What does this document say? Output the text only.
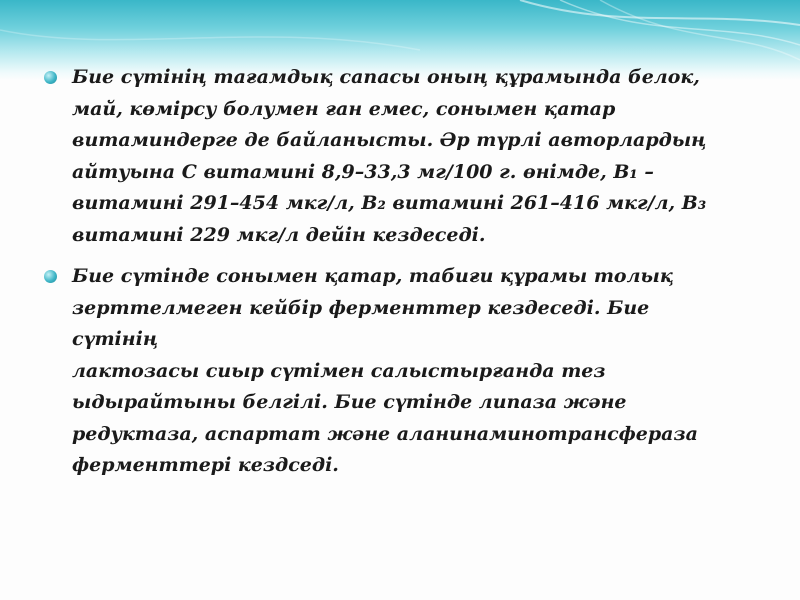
Бие сүтінің тағамдық сапасы оның құрамында белок,
май, көмірсу болумен ған емес, сонымен қатар
витаминдерге де байланысты. Әр түрлі авторлардың
айтуына С витамині 8,9–33,3 мг/100 г. өнімде, В₁ –
витамині 291–454 мкг/л, В₂ витамині 261–416 мкг/л, В₃
витамині 229 мкг/л дейін кездеседі.

Бие сүтінде сонымен қатар, табиғи құрамы толық
зерттелмеген кейбір ферменттер кездеседі. Бие сүтінің
лактозасы сиыр сүтімен салыстырғанда тез
ыдырайтыны белгілі. Бие сүтінде липаза және
редуктаза, аспартат және аланинаминотрансфераза
ферменттері кездседі.
